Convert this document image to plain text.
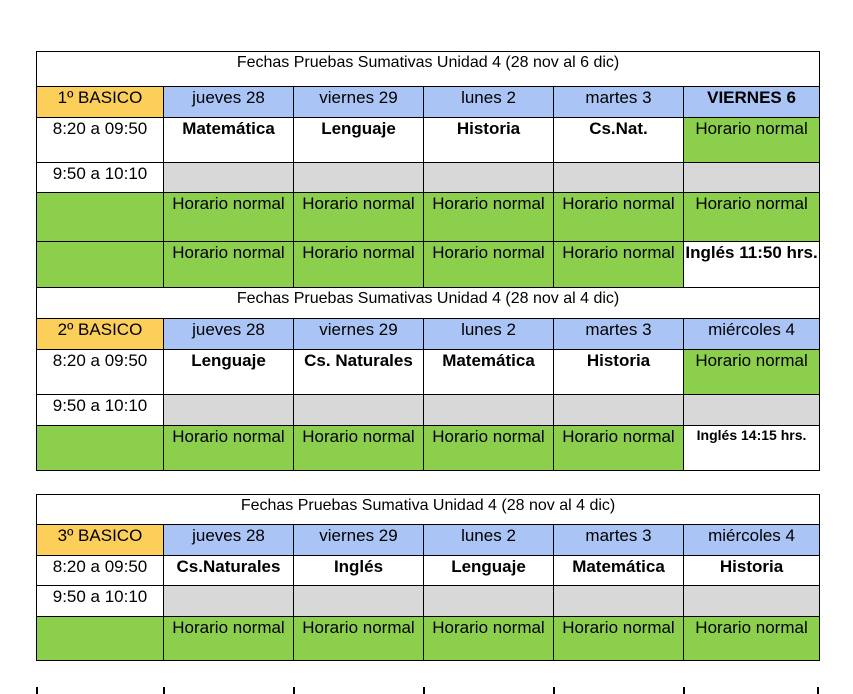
Fechas Pruebas Sumativas Unidad 4 (28 nov al 6 dic)					
1º BASICO	jueves 28	viernes 29	lunes 2	martes 3	VIERNES 6
8:20 a 09:50	Matemática	Lenguaje	Historia	Cs.Nat.	Horario normal
9:50 a 10:10					
	Horario normal	Horario normal	Horario normal	Horario normal	Horario normal
	Horario normal	Horario normal	Horario normal	Horario normal	Inglés 11:50 hrs.
Fechas Pruebas Sumativas Unidad 4 (28 nov al 4 dic)					
2º BASICO	jueves 28	viernes 29	lunes 2	martes 3	miércoles 4
8:20 a 09:50	Lenguaje	Cs. Naturales	Matemática	Historia	Horario normal
9:50 a 10:10					
	Horario normal	Horario normal	Horario normal	Horario normal	Inglés 14:15 hrs.
Fechas Pruebas Sumativa Unidad 4 (28 nov al 4 dic)					
3º BASICO	jueves 28	viernes 29	lunes 2	martes 3	miércoles 4
8:20 a 09:50	Cs.Naturales	Inglés	Lenguaje	Matemática	Historia
9:50 a 10:10					
	Horario normal	Horario normal	Horario normal	Horario normal	Horario normal
